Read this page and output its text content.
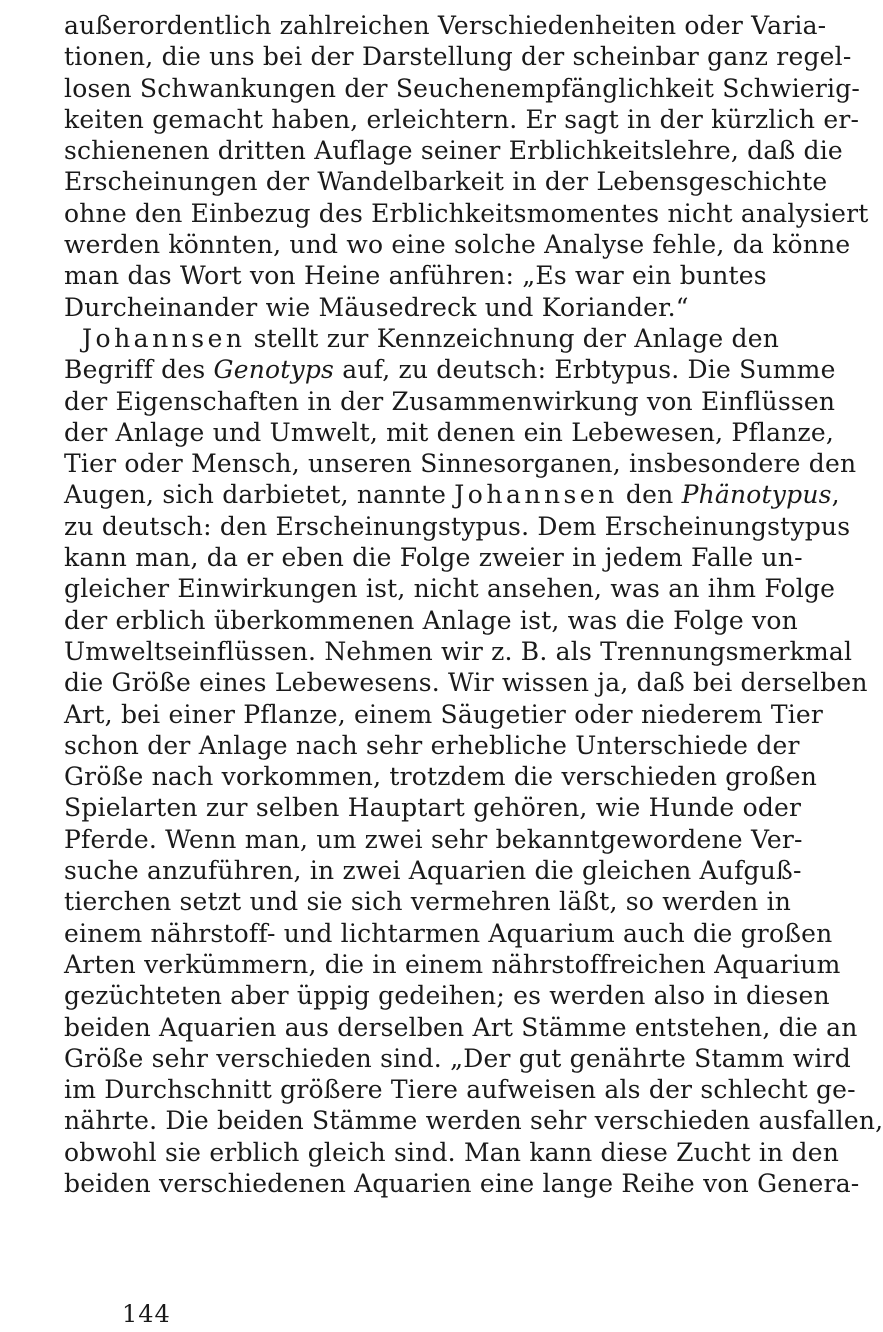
außerordentlich zahlreichen Verschiedenheiten oder Varia-
tionen, die uns bei der Darstellung der scheinbar ganz regel-
losen Schwankungen der Seuchenempfänglichkeit Schwierig-
keiten gemacht haben, erleichtern. Er sagt in der kürzlich er-
schienenen dritten Auflage seiner Erblichkeitslehre, daß die
Erscheinungen der Wandelbarkeit in der Lebensgeschichte
ohne den Einbezug des Erblichkeitsmomentes nicht analysiert
werden könnten, und wo eine solche Analyse fehle, da könne
man das Wort von Heine anführen: „Es war ein buntes
Durcheinander wie Mäusedreck und Koriander.“
Johannsen stellt zur Kennzeichnung der Anlage den
Begriff des Genotyps auf, zu deutsch: Erbtypus. Die Summe
der Eigenschaften in der Zusammenwirkung von Einflüssen
der Anlage und Umwelt, mit denen ein Lebewesen, Pflanze,
Tier oder Mensch, unseren Sinnesorganen, insbesondere den
Augen, sich darbietet, nannte Johannsen den Phänotypus,
zu deutsch: den Erscheinungstypus. Dem Erscheinungstypus
kann man, da er eben die Folge zweier in jedem Falle un-
gleicher Einwirkungen ist, nicht ansehen, was an ihm Folge
der erblich überkommenen Anlage ist, was die Folge von
Umweltseinflüssen. Nehmen wir z. B. als Trennungsmerkmal
die Größe eines Lebewesens. Wir wissen ja, daß bei derselben
Art, bei einer Pflanze, einem Säugetier oder niederem Tier
schon der Anlage nach sehr erhebliche Unterschiede der
Größe nach vorkommen, trotzdem die verschieden großen
Spielarten zur selben Hauptart gehören, wie Hunde oder
Pferde. Wenn man, um zwei sehr bekanntgewordene Ver-
suche anzuführen, in zwei Aquarien die gleichen Aufguß-
tierchen setzt und sie sich vermehren läßt, so werden in
einem nährstoff- und lichtarmen Aquarium auch die großen
Arten verkümmern, die in einem nährstoffreichen Aquarium
gezüchteten aber üppig gedeihen; es werden also in diesen
beiden Aquarien aus derselben Art Stämme entstehen, die an
Größe sehr verschieden sind. „Der gut genährte Stamm wird
im Durchschnitt größere Tiere aufweisen als der schlecht ge-
nährte. Die beiden Stämme werden sehr verschieden ausfallen,
obwohl sie erblich gleich sind. Man kann diese Zucht in den
beiden verschiedenen Aquarien eine lange Reihe von Genera-
144
